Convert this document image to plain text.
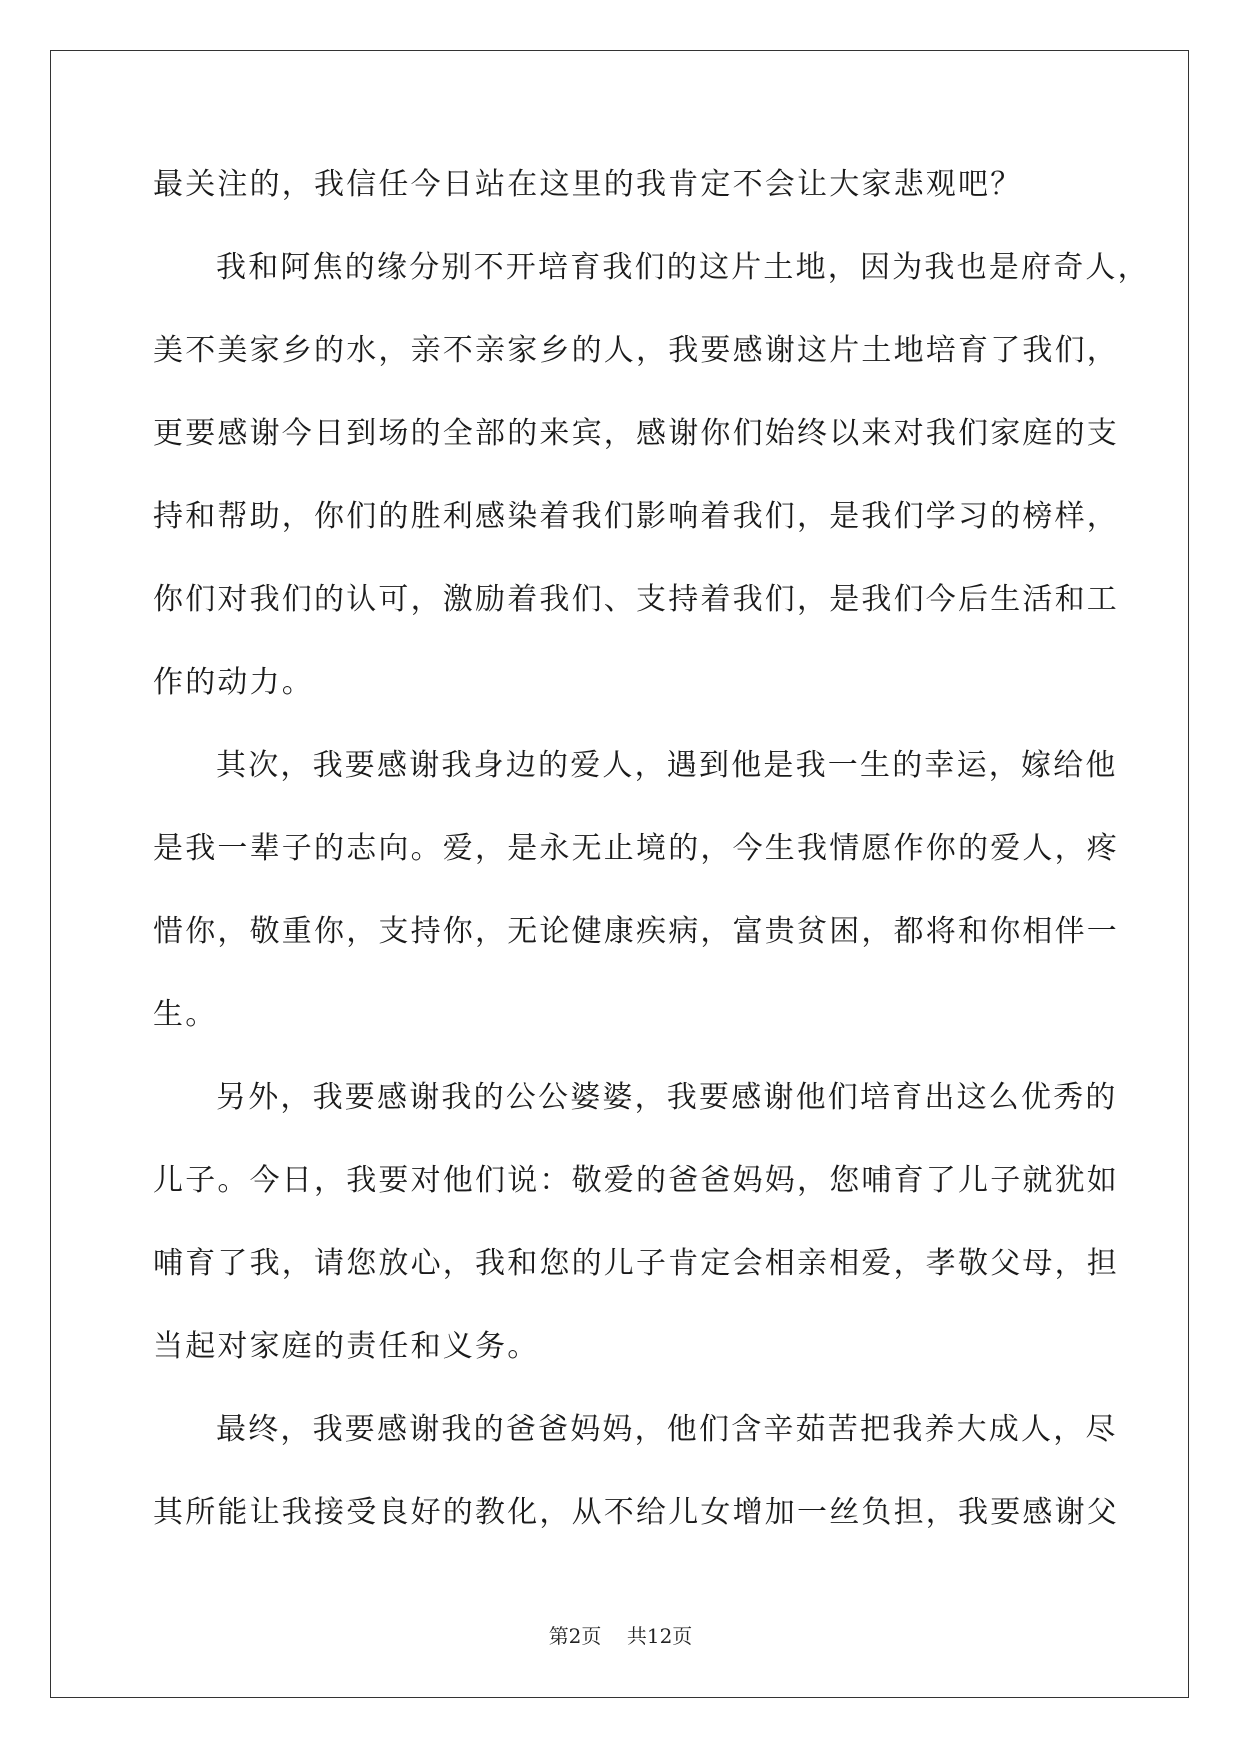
最关注的，我信任今日站在这里的我肯定不会让大家悲观吧？
我和阿焦的缘分别不开培育我们的这片土地，因为我也是府奇人，
美不美家乡的水，亲不亲家乡的人，我要感谢这片土地培育了我们，
更要感谢今日到场的全部的来宾，感谢你们始终以来对我们家庭的支
持和帮助，你们的胜利感染着我们影响着我们，是我们学习的榜样，
你们对我们的认可，激励着我们、支持着我们，是我们今后生活和工
作的动力。
其次，我要感谢我身边的爱人，遇到他是我一生的幸运，嫁给他
是我一辈子的志向。爱，是永无止境的，今生我情愿作你的爱人，疼
惜你，敬重你，支持你，无论健康疾病，富贵贫困，都将和你相伴一
生。
另外，我要感谢我的公公婆婆，我要感谢他们培育出这么优秀的
儿子。今日，我要对他们说：敬爱的爸爸妈妈，您哺育了儿子就犹如
哺育了我，请您放心，我和您的儿子肯定会相亲相爱，孝敬父母，担
当起对家庭的责任和义务。
最终，我要感谢我的爸爸妈妈，他们含辛茹苦把我养大成人，尽
其所能让我接受良好的教化，从不给儿女增加一丝负担，我要感谢父
第2页    共12页
